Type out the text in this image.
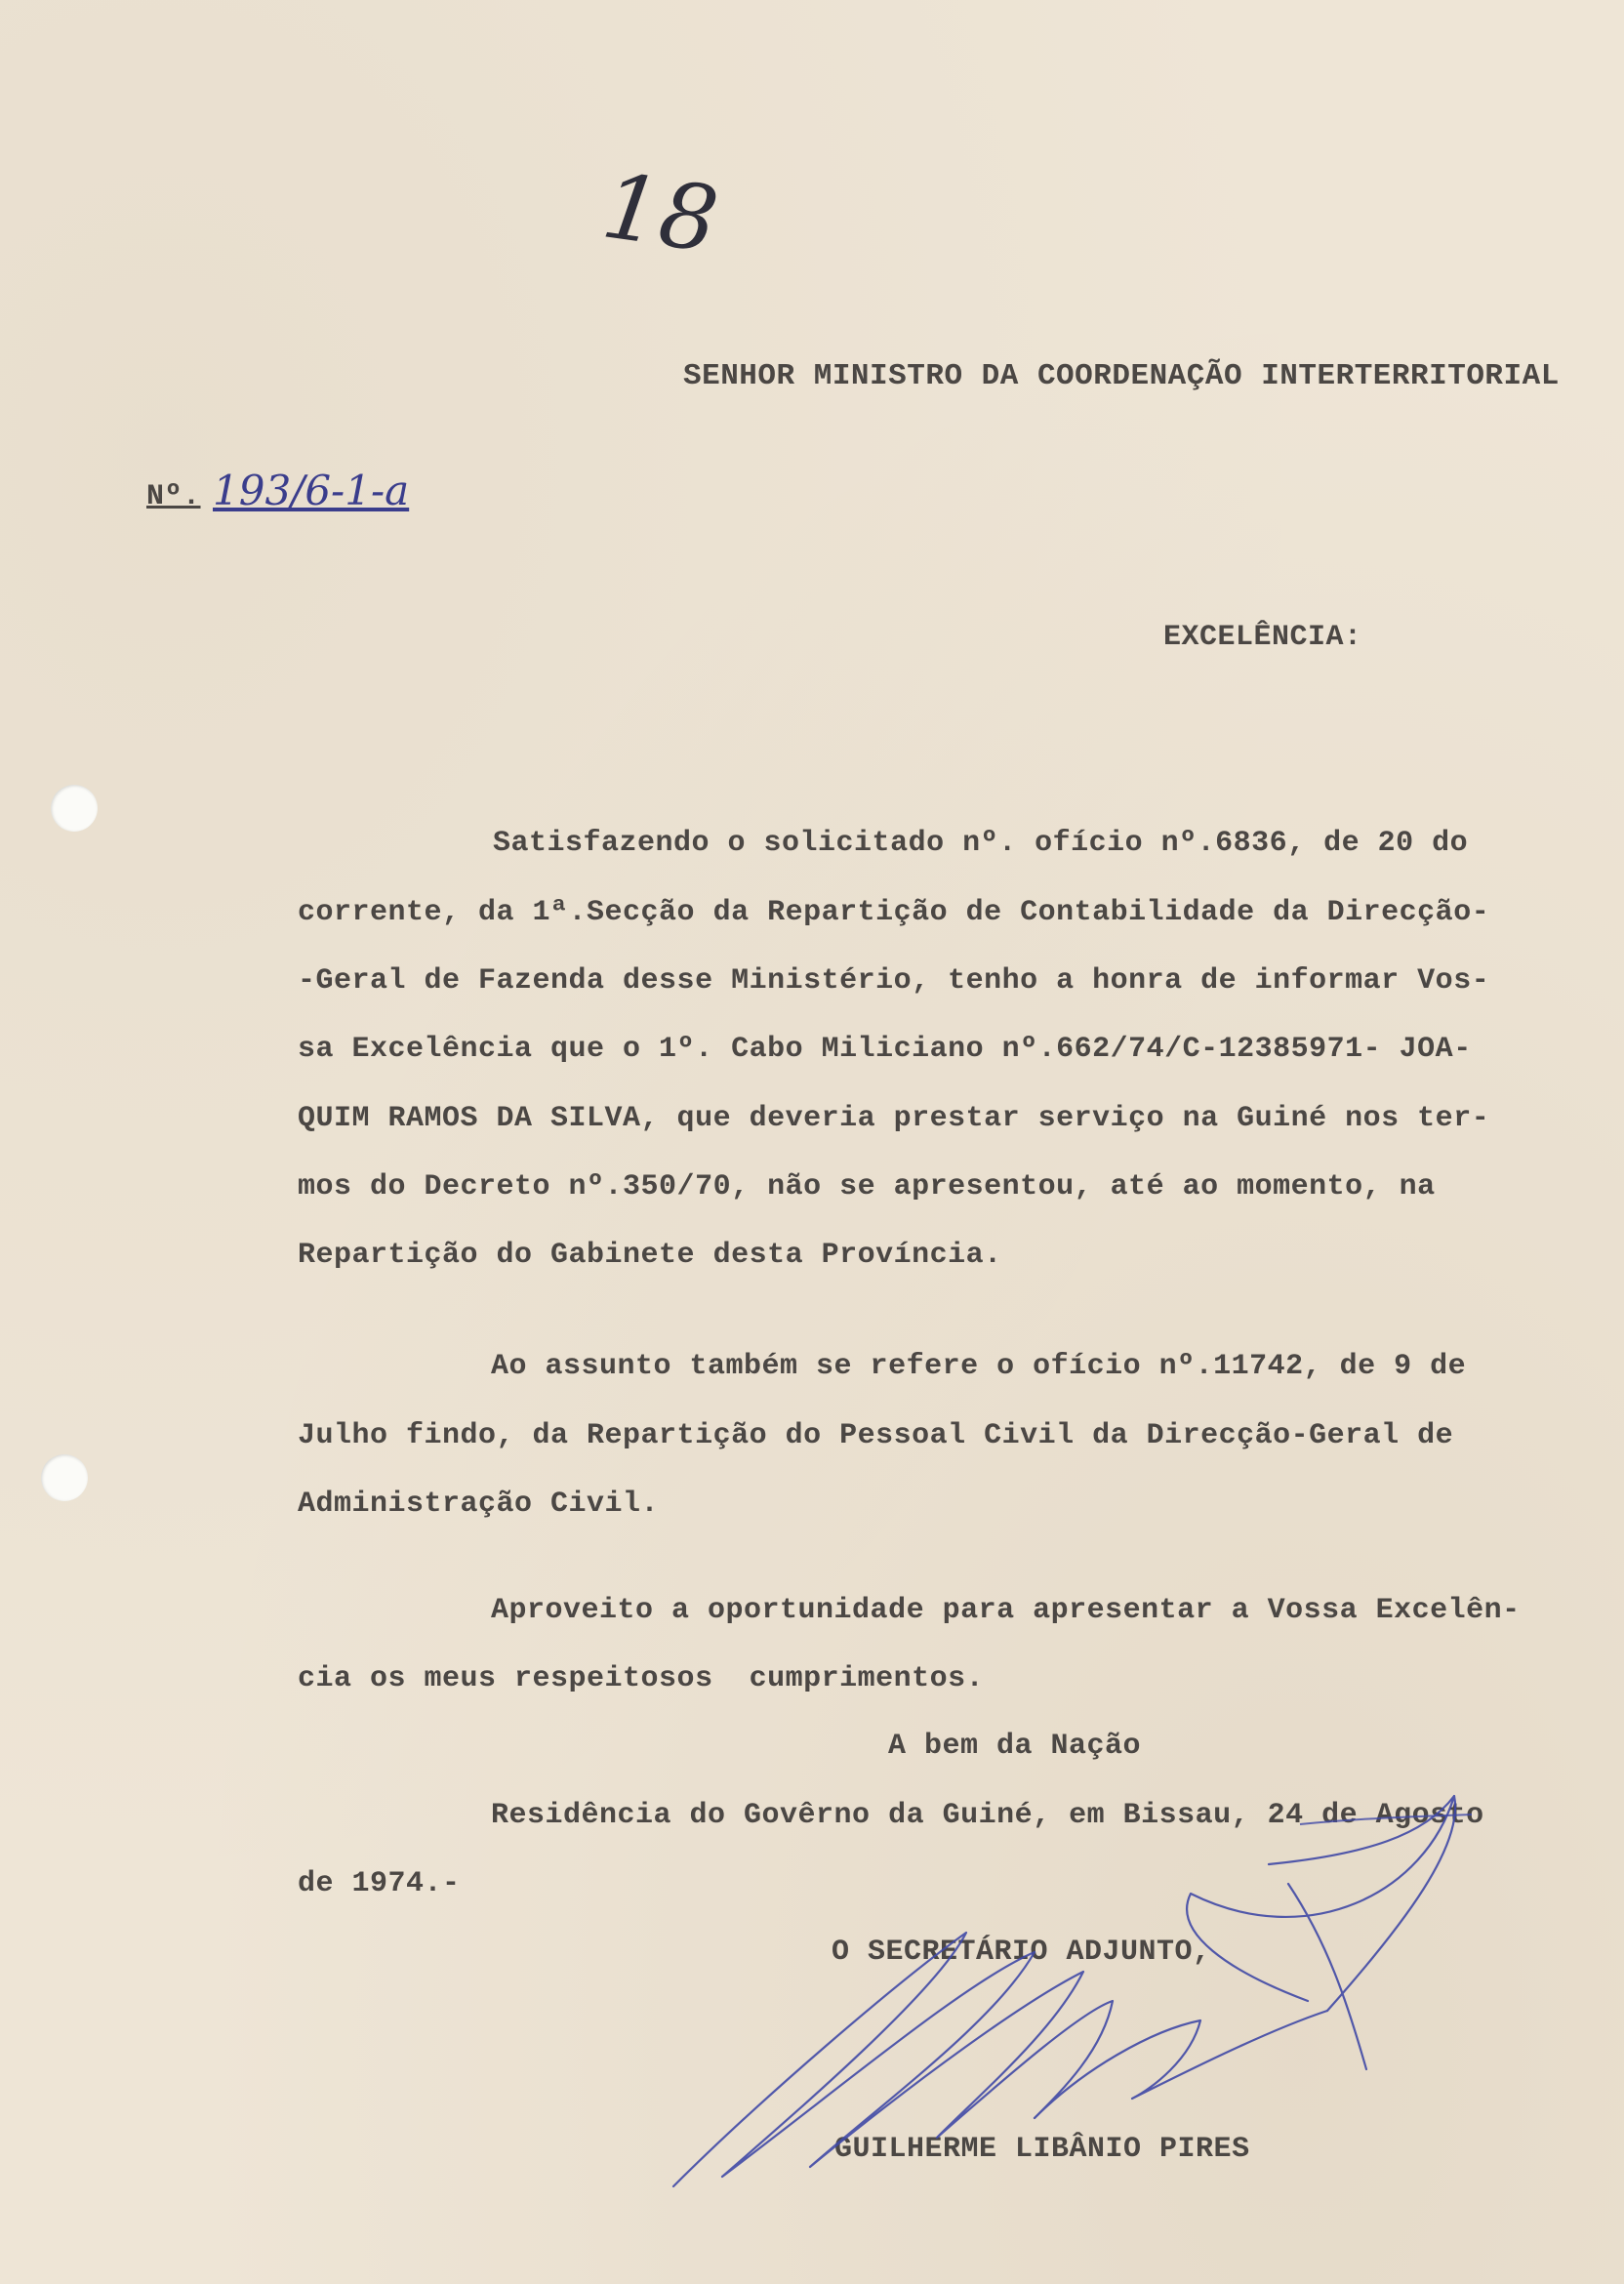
18
SENHOR MINISTRO DA COORDENAÇÃO INTERTERRITORIAL
Nº. 193/6-1-a
EXCELÊNCIA:
Satisfazendo o solicitado nº. ofício nº.6836, de 20 do
corrente, da 1ª.Secção da Repartição de Contabilidade da Direcção-
-Geral de Fazenda desse Ministério, tenho a honra de informar Vos-
sa Excelência que o 1º. Cabo Miliciano nº.662/74/C-12385971- JOA-
QUIM RAMOS DA SILVA, que deveria prestar serviço na Guiné nos ter-
mos do Decreto nº.350/70, não se apresentou, até ao momento, na
Repartição do Gabinete desta Província.
Ao assunto também se refere o ofício nº.11742, de 9 de
Julho findo, da Repartição do Pessoal Civil da Direcção-Geral de
Administração Civil.
Aproveito a oportunidade para apresentar a Vossa Excelên-
cia os meus respeitosos  cumprimentos.
A bem da Nação
Residência do Govêrno da Guiné, em Bissau, 24 de Agosto
de 1974.-
O SECRETÁRIO ADJUNTO,
GUILHERME LIBÂNIO PIRES
